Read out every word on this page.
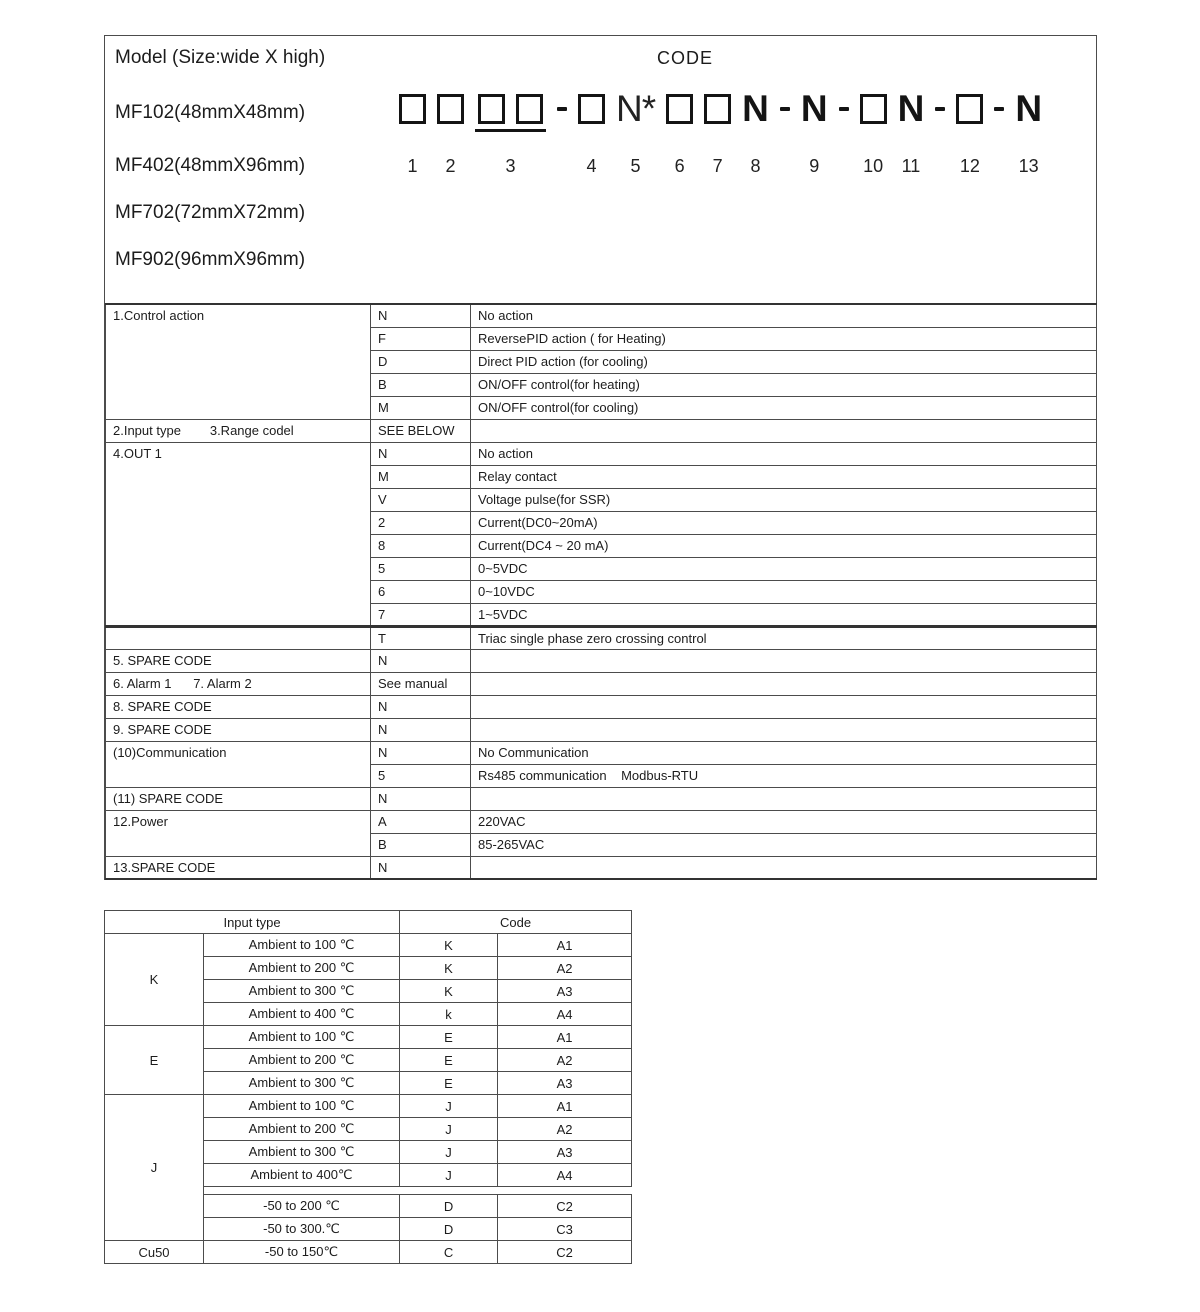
Model (Size:wide X high)	CODE
MF102(48mmX48mm)
MF402(48mmX96mm)
MF702(72mmX72mm)
MF902(96mmX96mm)
1 2	3	4
N*
5 6 7
N
8
N
9 10
N
11 12
N
13
1.Control action	N	No action
	F	ReversePID action ( for Heating)
	D	Direct PID action (for cooling)
	B	ON/OFF control(for heating)
	M	ON/OFF control(for cooling)
2.Input type        3.Range codel	SEE BELOW	
4.OUT 1	N	No action
	M	Relay contact
	V	Voltage pulse(for SSR)
	2	Current(DC0~20mA)
	8	Current(DC4 ~ 20 mA)
	5	0~5VDC
	6	0~10VDC
	7	1~5VDC
	T	Triac single phase zero crossing control
5. SPARE CODE	N	
6. Alarm 1      7. Alarm 2	See manual	
8. SPARE CODE	N	
9. SPARE CODE	N	
(10)Communication	N	No Communication
	5	Rs485 communication    Modbus-RTU
(11) SPARE CODE	N	
12.Power	A	220VAC
	B	85-265VAC
13.SPARE CODE	N	
Input type		Code	
K	Ambient to 100 ℃	K	A1
	Ambient to 200 ℃	K	A2
	Ambient to 300 ℃	K	A3
	Ambient to 400 ℃	k	A4
E	Ambient to 100 ℃	E	A1
	Ambient to 200 ℃	E	A2
	Ambient to 300 ℃	E	A3
J	Ambient to 100 ℃	J	A1
	Ambient to 200 ℃	J	A2
	Ambient to 300 ℃	J	A3
	Ambient to 400℃	J	A4

	-50 to 200 ℃	D	C2
	-50 to 300.℃	D	C3
Cu50	-50 to 150℃	C	C2
